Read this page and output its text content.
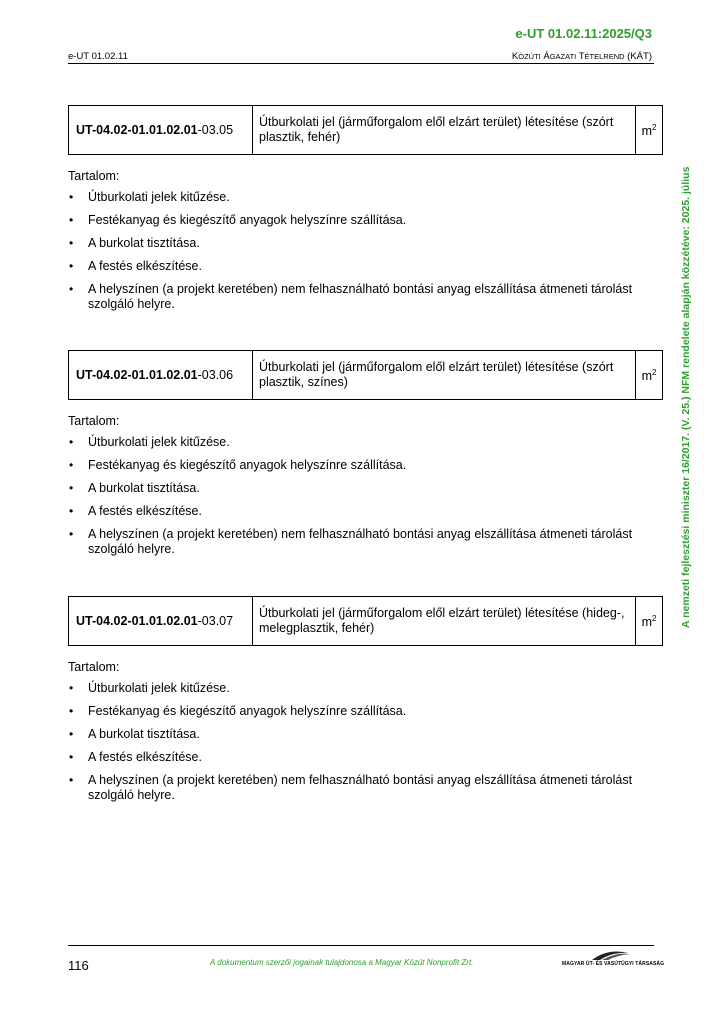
e-UT 01.02.11:2025/Q3
e-UT 01.02.11	KÖZÚTI ÁGAZATI TÉTELREND (KÁT)
A nemzeti fejlesztési miniszter 16/2017. (V. 25.) NFM rendelete alapján közzétéve: 2025. július
UT-04.02-01.01.02.01-03.05	Útburkolati jel (járműforgalom elől elzárt terület) létesítése (szórt plasztik, fehér)	$m^2$
Tartalom:
• Útburkolati jelek kitűzése.
• Festékanyag és kiegészítő anyagok helyszínre szállítása.
• A burkolat tisztítása.
• A festés elkészítése.
• A helyszínen (a projekt keretében) nem felhasználható bontási anyag elszállítása átmeneti tárolást szolgáló helyre.
UT-04.02-01.01.02.01-03.06	Útburkolati jel (járműforgalom elől elzárt terület) létesítése (szórt plasztik, színes)	$m^2$
Tartalom:
• Útburkolati jelek kitűzése.
• Festékanyag és kiegészítő anyagok helyszínre szállítása.
• A burkolat tisztítása.
• A festés elkészítése.
• A helyszínen (a projekt keretében) nem felhasználható bontási anyag elszállítása átmeneti tárolást szolgáló helyre.
UT-04.02-01.01.02.01-03.07	Útburkolati jel (járműforgalom elől elzárt terület) létesítése (hideg-, melegplasztik, fehér)	$m^2$
Tartalom:
• Útburkolati jelek kitűzése.
• Festékanyag és kiegészítő anyagok helyszínre szállítása.
• A burkolat tisztítása.
• A festés elkészítése.
• A helyszínen (a projekt keretében) nem felhasználható bontási anyag elszállítása átmeneti tárolást szolgáló helyre.
116	A dokumentum szerzői jogainak tulajdonosa a Magyar Közút Nonprofit Zrt.	MAGYAR ÚT- ÉS VASÚTÜGYI TÁRSASÁG
